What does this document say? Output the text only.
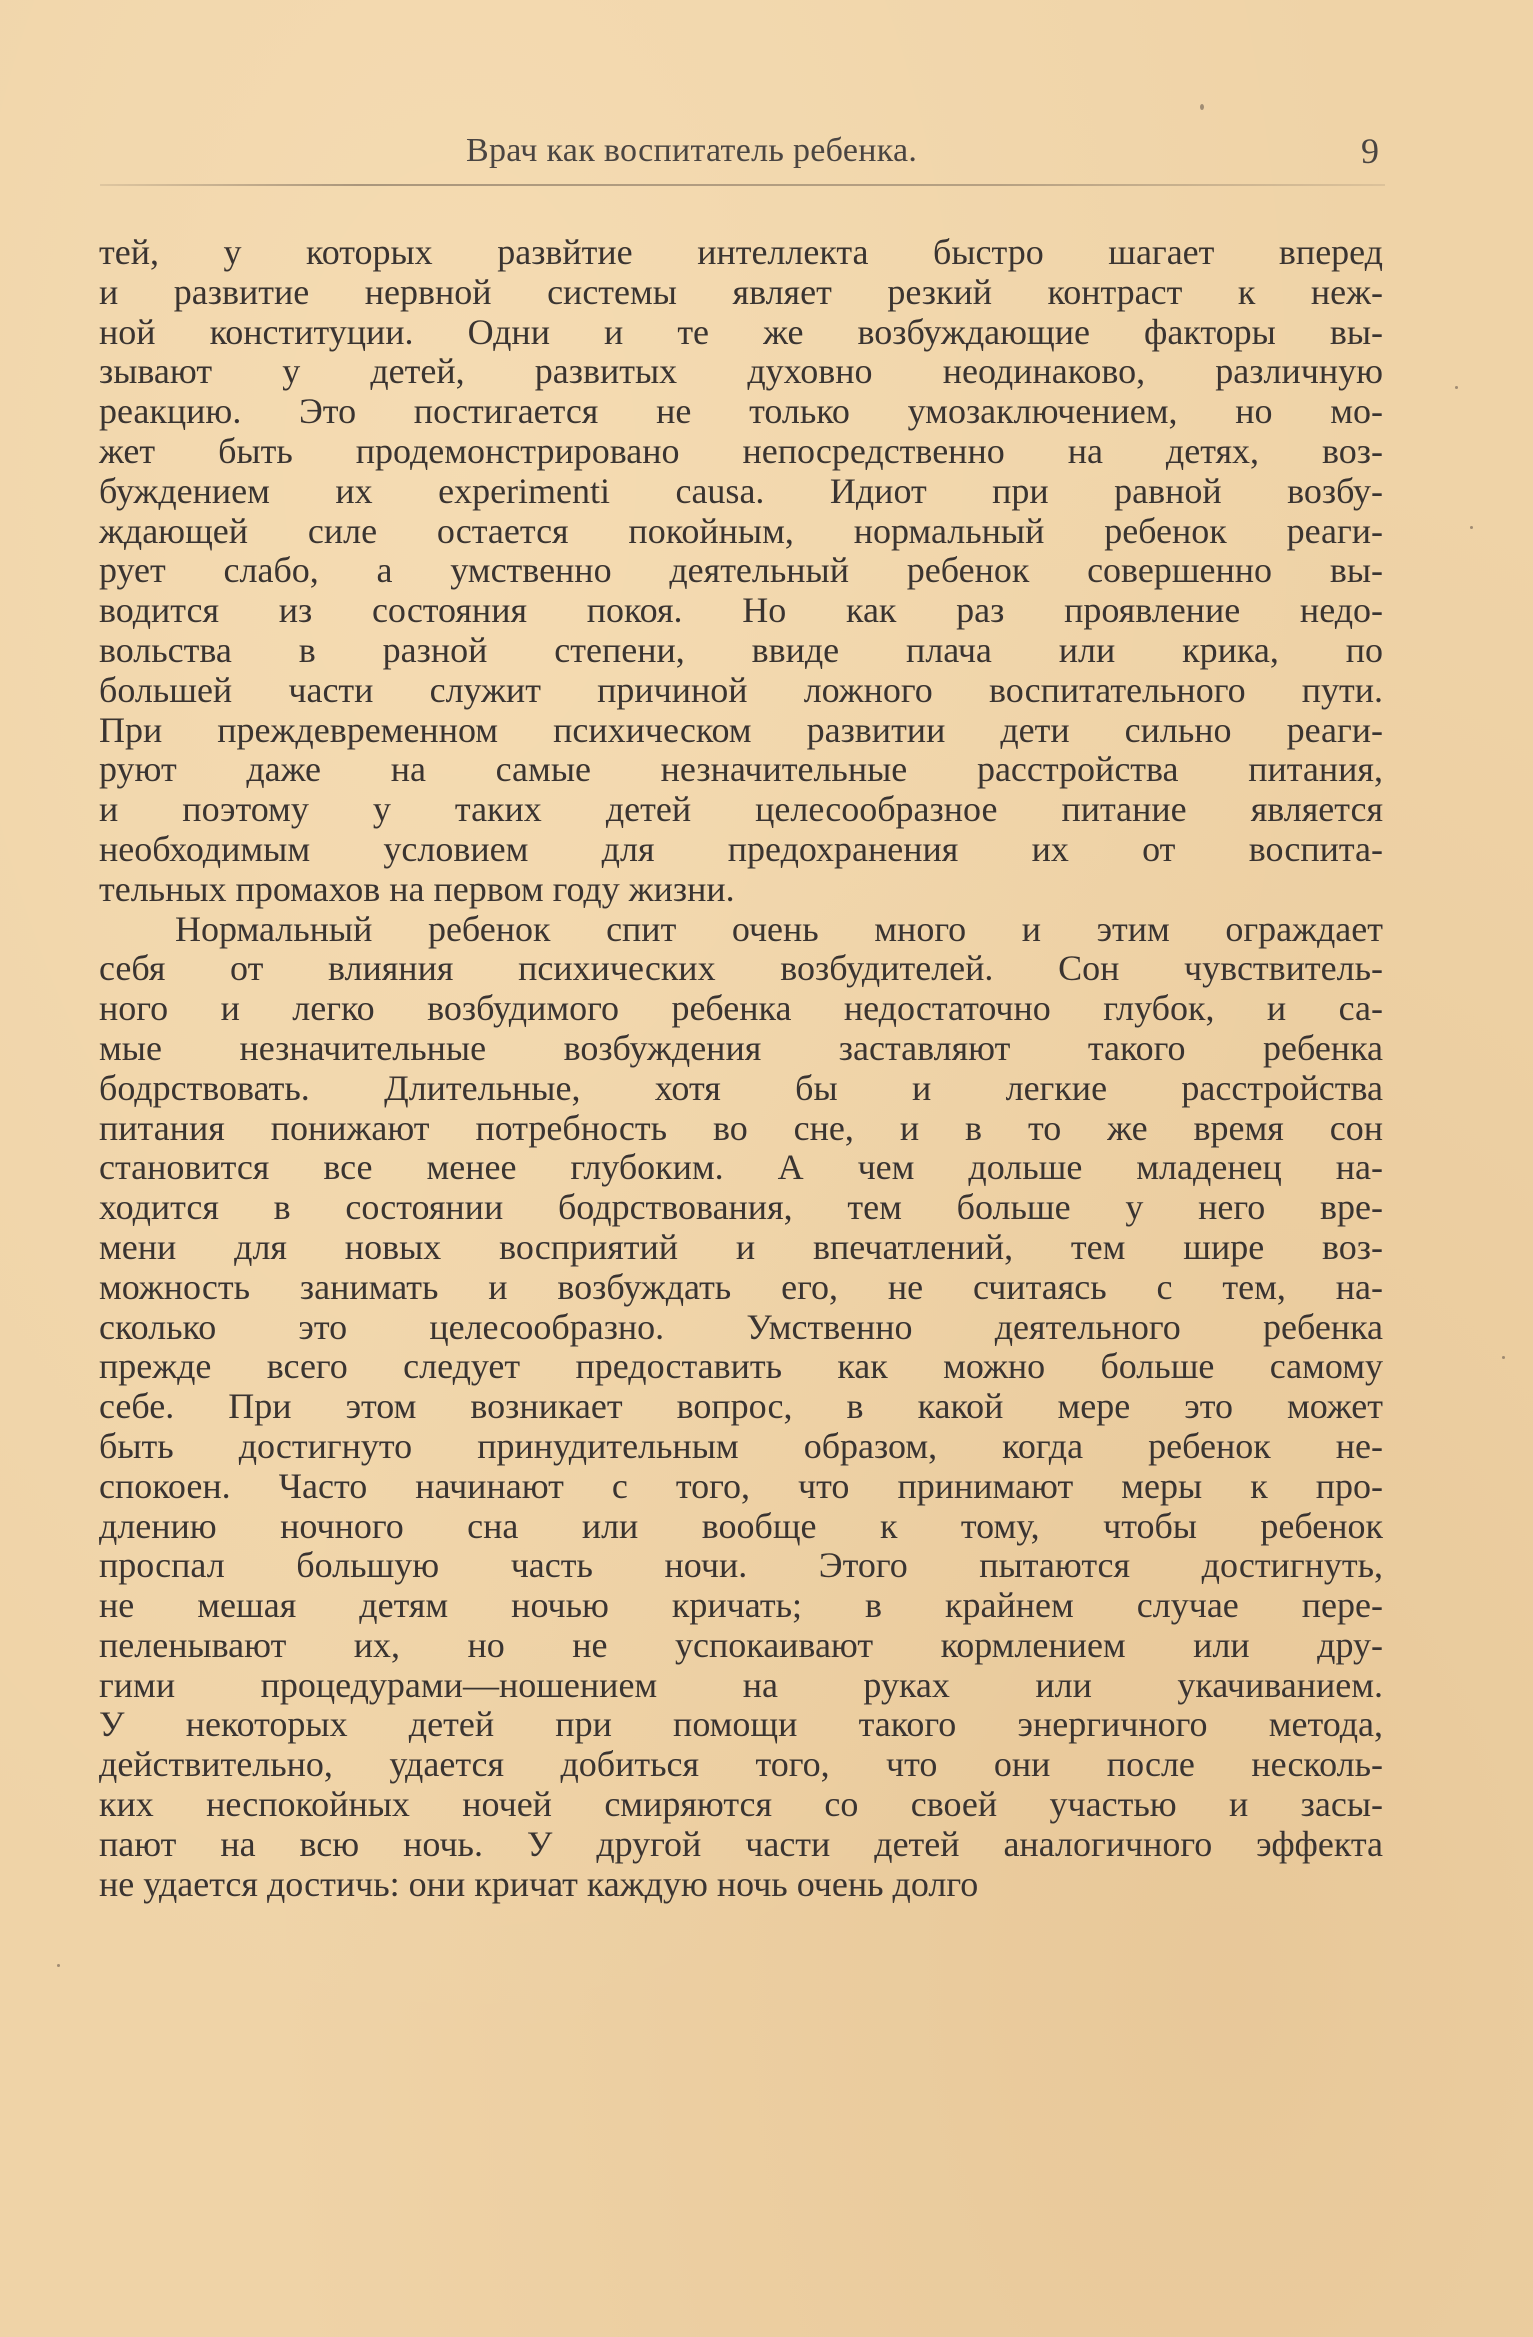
Врач как воспитатель ребенка.	9
тей, у которых развйтие интеллекта быстро шагает вперед
и развитие нервной системы являет резкий контраст к неж-
ной конституции. Одни и те же возбуждающие факторы вы-
зывают у детей, развитых духовно неодинаково, различную
реакцию. Это постигается не только умозаключением, но мо-
жет быть продемонстрировано непосредственно на детях, воз-
буждением их experimenti causa. Идиот при равной возбу-
ждающей силе остается покойным, нормальный ребенок реаги-
рует слабо, а умственно деятельный ребенок совершенно вы-
водится из состояния покоя. Но как раз проявление недо-
вольства в разной степени, ввиде плача или крика, по
большей части служит причиной ложного воспитательного пути.
При преждевременном психическом развитии дети сильно реаги-
руют даже на самые незначительные расстройства питания,
и поэтому у таких детей целесообразное питание является
необходимым условием для предохранения их от воспита-
тельных промахов на первом году жизни.
Нормальный ребенок спит очень много и этим ограждает
себя от влияния психических возбудителей. Сон чувствитель-
ного и легко возбудимого ребенка недостаточно глубок, и са-
мые незначительные возбуждения заставляют такого ребенка
бодрствовать. Длительные, хотя бы и легкие расстройства
питания понижают потребность во сне, и в то же время сон
становится все менее глубоким. А чем дольше младенец на-
ходится в состоянии бодрствования, тем больше у него вре-
мени для новых восприятий и впечатлений, тем шире воз-
можность занимать и возбуждать его, не считаясь с тем, на-
сколько это целесообразно. Умственно деятельного ребенка
прежде всего следует предоставить как можно больше самому
себе. При этом возникает вопрос, в какой мере это может
быть достигнуто принудительным образом, когда ребенок не-
спокоен. Часто начинают с того, что принимают меры к про-
длению ночного сна или вообще к тому, чтобы ребенок
проспал большую часть ночи. Этого пытаются достигнуть,
не мешая детям ночью кричать; в крайнем случае пере-
пеленывают их, но не успокаивают кормлением или дру-
гими процедурами—ношением на руках или укачиванием.
У некоторых детей при помощи такого энергичного метода,
действительно, удается добиться того, что они после несколь-
ких неспокойных ночей смиряются со своей участью и засы-
пают на всю ночь. У другой части детей аналогичного эффекта
не удается достичь: они кричат каждую ночь очень долго
